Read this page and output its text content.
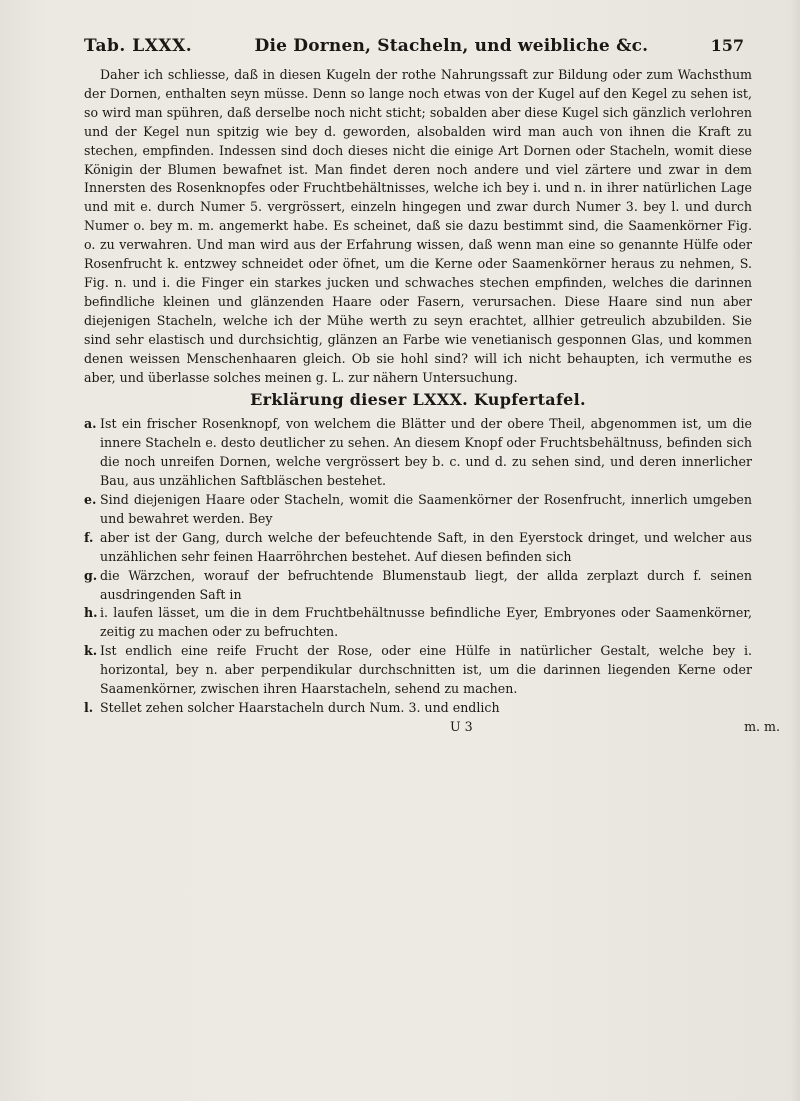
Tab. LXXX.	Die Dornen, Stacheln, und weibliche &c.	157

Daher ich schliesse, daß in diesen Kugeln der rothe Nahrungssaft zur Bildung oder zum Wachsthum der Dornen, enthalten seyn müsse. Denn so lange noch etwas von der Kugel auf den Kegel zu sehen ist, so wird man spühren, daß derselbe noch nicht sticht; sobalden aber diese Kugel sich gänzlich verlohren und der Kegel nun spitzig wie bey d. geworden, alsobalden wird man auch von ihnen die Kraft zu stechen, empfinden. Indessen sind doch dieses nicht die einige Art Dornen oder Stacheln, womit diese Königin der Blumen bewafnet ist. Man findet deren noch andere und viel zärtere und zwar in dem Innersten des Rosenknopfes oder Fruchtbehältnisses, welche ich bey i. und n. in ihrer natürlichen Lage und mit e. durch Numer 5. vergrössert, einzeln hingegen und zwar durch Numer 3. bey l. und durch Numer o. bey m. m. angemerkt habe. Es scheinet, daß sie dazu bestimmt sind, die Saamenkörner Fig. o. zu verwahren. Und man wird aus der Erfahrung wissen, daß wenn man eine so genannte Hülfe oder Rosenfrucht k. entzwey schneidet oder öfnet, um die Kerne oder Saamenkörner heraus zu nehmen, S. Fig. n. und i. die Finger ein starkes jucken und schwaches stechen empfinden, welches die darinnen befindliche kleinen und glänzenden Haare oder Fasern, verursachen. Diese Haare sind nun aber diejenigen Stacheln, welche ich der Mühe werth zu seyn erachtet, allhier getreulich abzubilden. Sie sind sehr elastisch und durchsichtig, glänzen an Farbe wie venetianisch gesponnen Glas, und kommen denen weissen Menschenhaaren gleich. Ob sie hohl sind? will ich nicht behaupten, ich vermuthe es aber, und überlasse solches meinen g. L. zur nähern Untersuchung.

Erklärung dieser LXXX. Kupfertafel.
a. Ist ein frischer Rosenknopf, von welchem die Blätter und der obere Theil, abgenommen ist, um die innere Stacheln e. desto deutlicher zu sehen. An diesem Knopf oder Fruchtsbehältnuss, befinden sich die noch unreifen Dornen, welche vergrössert bey b. c. und d. zu sehen sind, und deren innerlicher Bau, aus unzählichen Saftbläschen bestehet.
e. Sind diejenigen Haare oder Stacheln, womit die Saamenkörner der Rosenfrucht, innerlich umgeben und bewahret werden. Bey
f. aber ist der Gang, durch welche der befeuchtende Saft, in den Eyerstock dringet, und welcher aus unzählichen sehr feinen Haarröhrchen bestehet. Auf diesen befinden sich
g. die Wärzchen, worauf der befruchtende Blumenstaub liegt, der allda zerplazt durch f. seinen ausdringenden Saft in
h. i. laufen lässet, um die in dem Fruchtbehältnusse befindliche Eyer, Embryones oder Saamenkörner, zeitig zu machen oder zu befruchten.
k. Ist endlich eine reife Frucht der Rose, oder eine Hülfe in natürlicher Gestalt, welche bey i. horizontal, bey n. aber perpendikular durchschnitten ist, um die darinnen liegenden Kerne oder Saamenkörner, zwischen ihren Haarstacheln, sehend zu machen.
l. Stellet zehen solcher Haarstacheln durch Num. 3. und endlich
U 3	m. m.
